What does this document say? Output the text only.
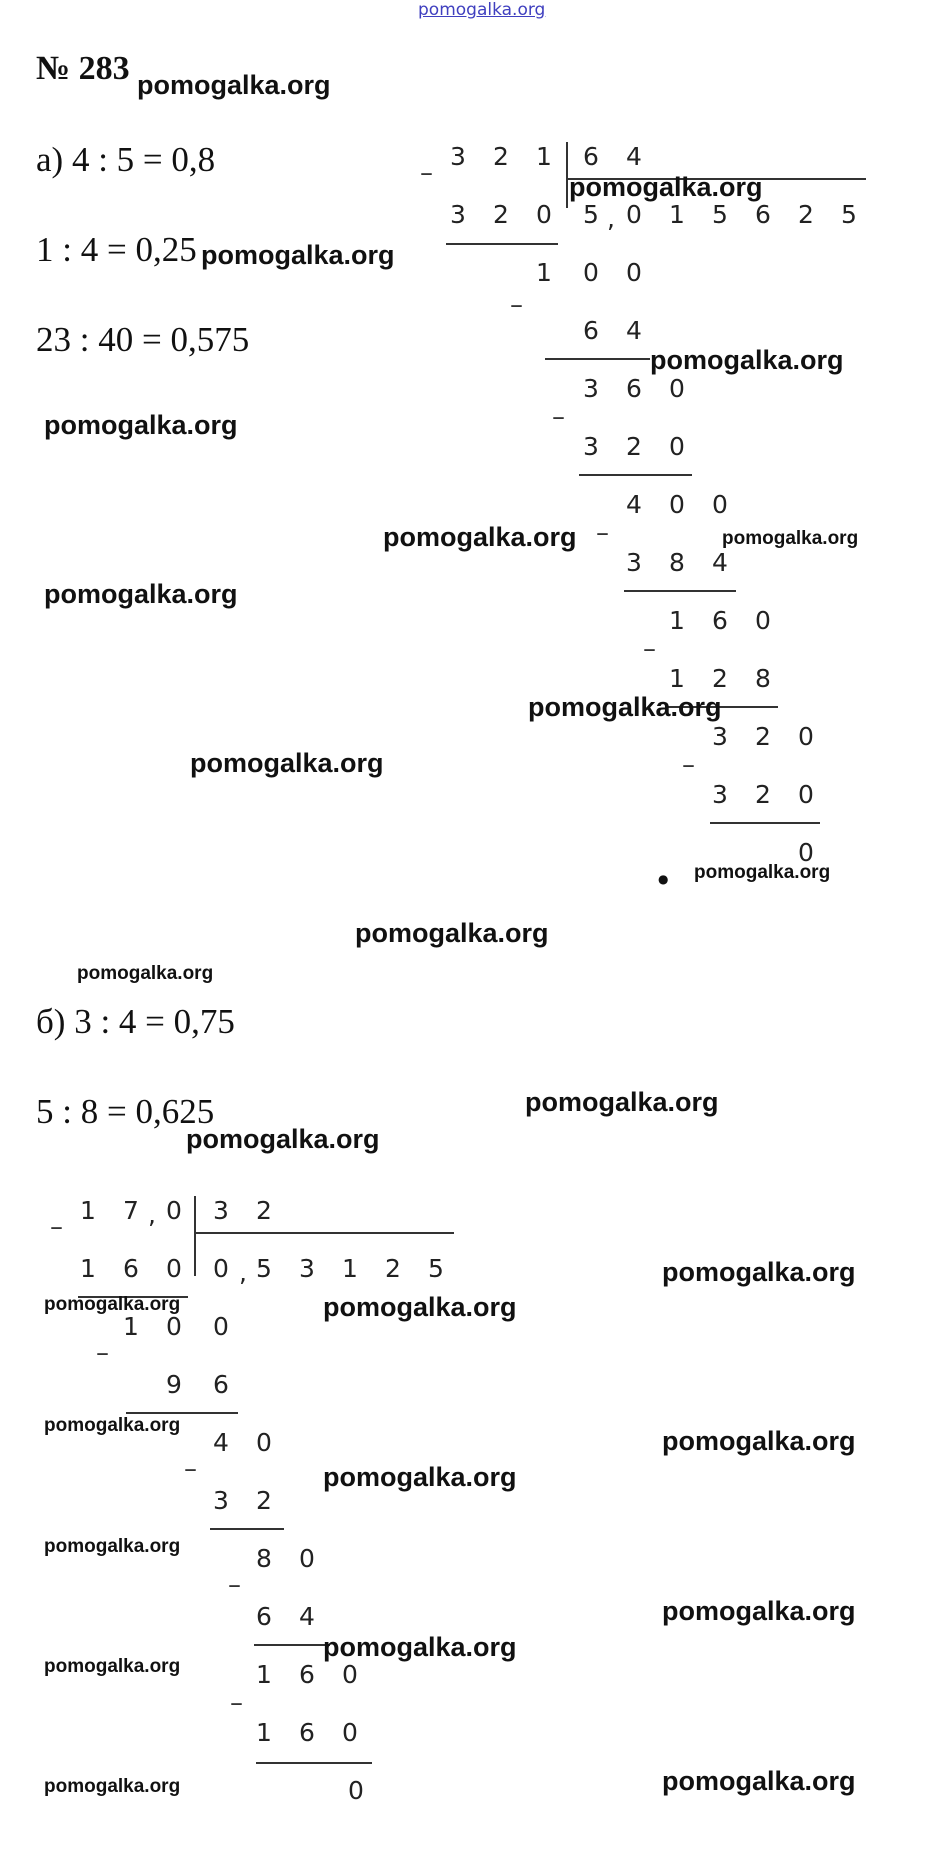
pomogalka.org
№ 283
а) 4 : 5 = 0,8
1 : 4 = 0,25
23 : 40 = 0,575
3 2 1 6 4
5 , 0 1 5 6 2 5
–
3 2 0
1 0 0
–
6 4
3 6 0
–
3 2 0
4 0 0
–
3 8 4
1 6 0
–
1 2 8
3 2 0
–
3 2 0
0
б) 3 : 4 = 0,75
5 : 8 = 0,625
1 7 , 0 3 2
0 , 5 3 1 2 5
–
1 6 0
1 0 0
–
9 6
4 0
–
3 2
8 0
–
6 4
1 6 0
–
1 6 0
0
pomogalka.org
pomogalka.org
pomogalka.org
pomogalka.org
pomogalka.org
pomogalka.org	pomogalka.org
pomogalka.org
pomogalka.org
pomogalka.org
● pomogalka.org
pomogalka.org
pomogalka.org
pomogalka.org
pomogalka.org
pomogalka.org
pomogalka.org	pomogalka.org
pomogalka.org
pomogalka.org
pomogalka.org
pomogalka.org
pomogalka.org
pomogalka.org
pomogalka.org
pomogalka.org	pomogalka.org
